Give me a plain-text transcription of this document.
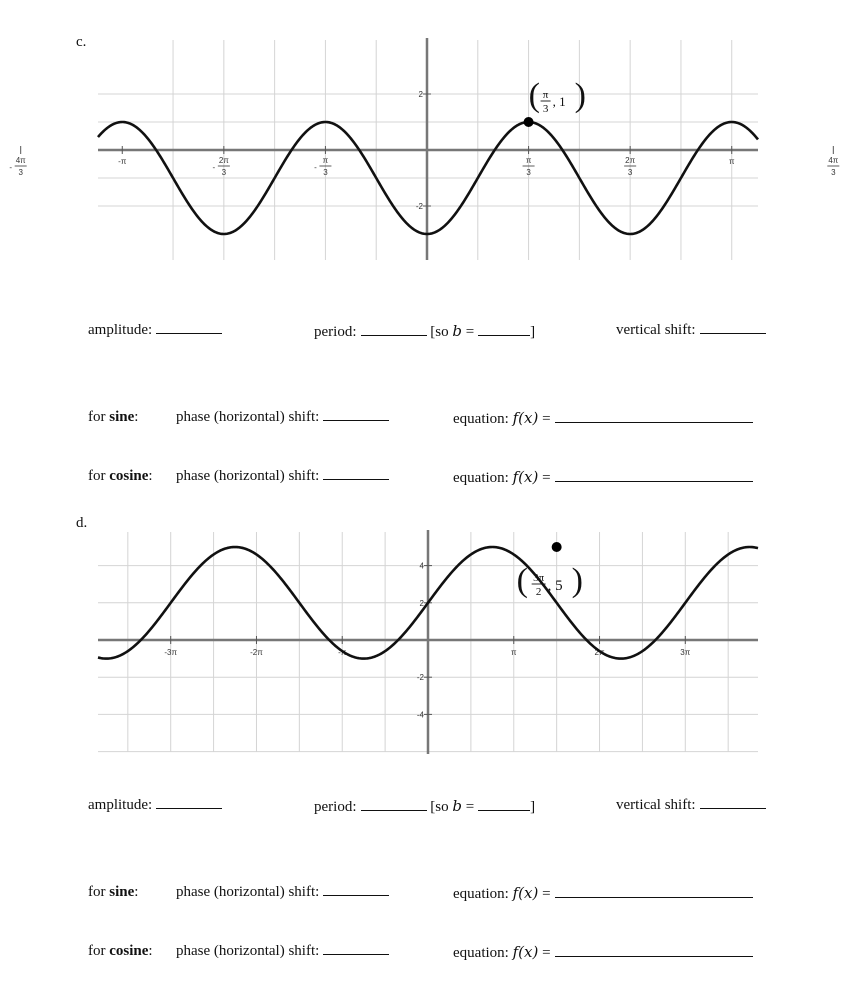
c.
4π
3
-
-π	2π
3
-
π
3
-
π
3
2π
3
π	4π
3
2
-2
( π
3 , 1 )
amplitude:	period:	[so b =	]	vertical shift:
for sine:	phase (horizontal) shift:	equation: f(x) =
for cosine: phase (horizontal) shift:	equation: f(x) =
d.
-3π	-2π	-π	π	2π	3π
4
2
-2
-4
( 3π
2 , 5 )
amplitude:	period:	[so b =	]	vertical shift:
for sine:	phase (horizontal) shift:	equation: f(x) =
for cosine: phase (horizontal) shift:	equation: f(x) =
